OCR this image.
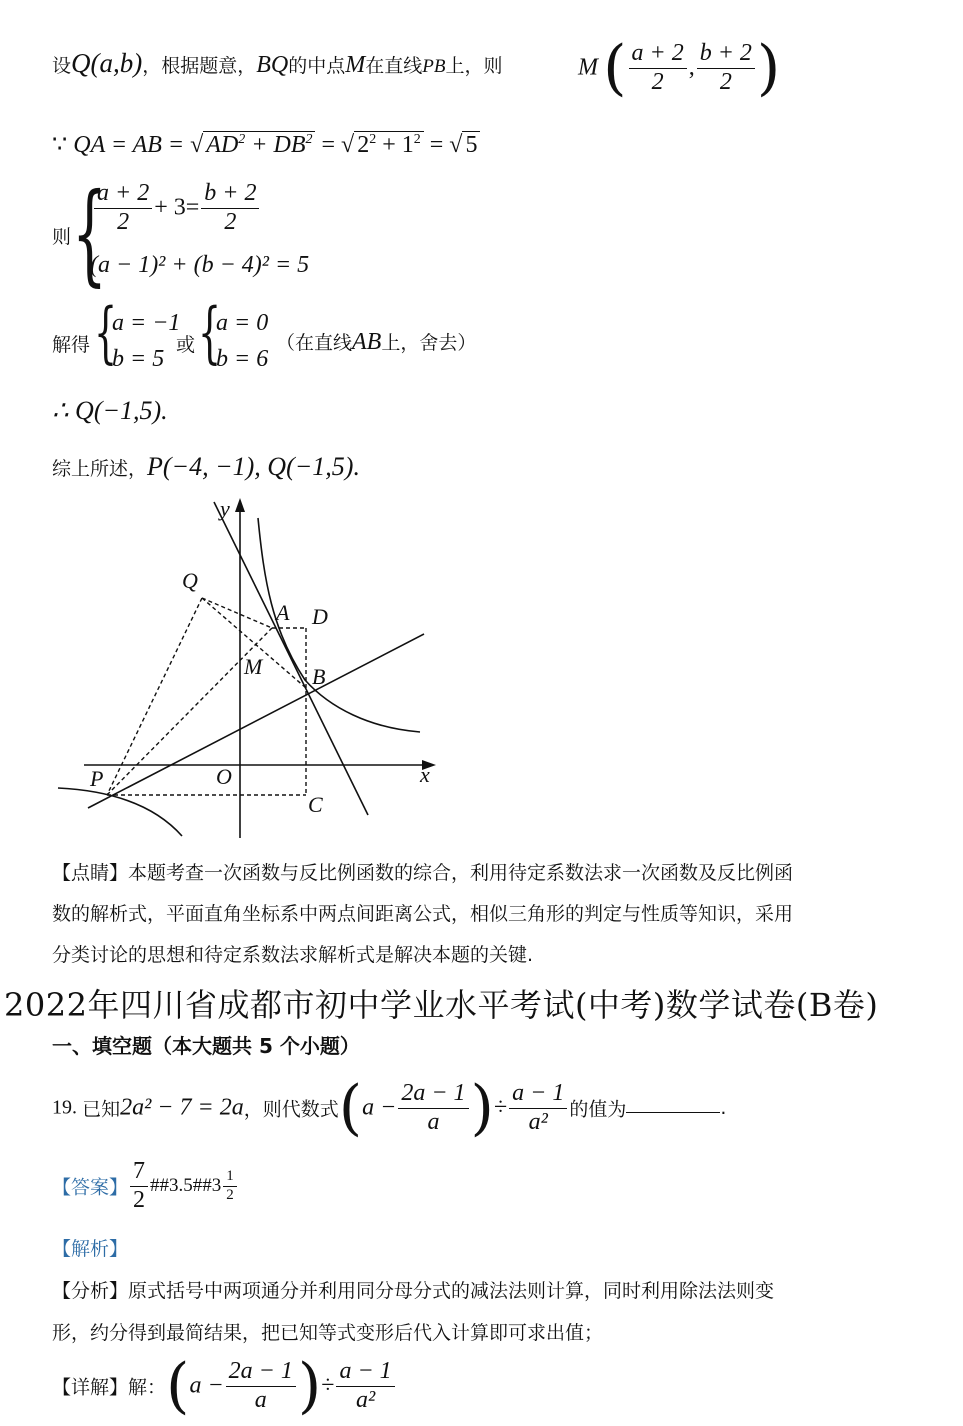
设Q(a,b)，根据题意，BQ的中点M在直线PB上，则	M ( $\frac{a + 2}{2}$ , $\frac{b + 2}{2}$ )
∵ QA = AB = √ $AD^2 + DB^2$ = √ $2^2 + 1^2$ = √ 5
则 {
$\frac{a + 2}{2} + 3= \frac{b + 2}{2}$
(a − 1)² + (b − 4)² = 5
解得 {
a = −1
b = 5
或 {
a = 0
b = 6
（在直线AB上，舍去）
∴ Q(−1,5).
综上所述，P(−4, −1), Q(−1,5).
y
x
Q
A D
M B
P	O
C
【点睛】本题考查一次函数与反比例函数的综合，利用待定系数法求一次函数及反比例函
数的解析式，平面直角坐标系中两点间距离公式，相似三角形的判定与性质等知识，采用
分类讨论的思想和待定系数法求解析式是解决本题的关键.
2022年四川省成都市初中学业水平考试(中考)数学试卷(B卷)
一、填空题（本大题共 5 个小题）
19. 已知2a² − 7 = 2a，则代数式($a - \frac{2a - 1}{a}$ )÷ $\frac{a - 1}{\text{a²}}$ 的值为	.
【答案】 $\frac{7}{2}$ ##3.5##3 $\frac{1}{2}$
【解析】
【分析】原式括号中两项通分并利用同分母分式的减法法则计算，同时利用除法法则变
形，约分得到最简结果，把已知等式变形后代入计算即可求出值；
【详解】解：($a - \frac{2a - 1}{a}$ )÷ $\frac{a - 1}{\text{a²}}$
